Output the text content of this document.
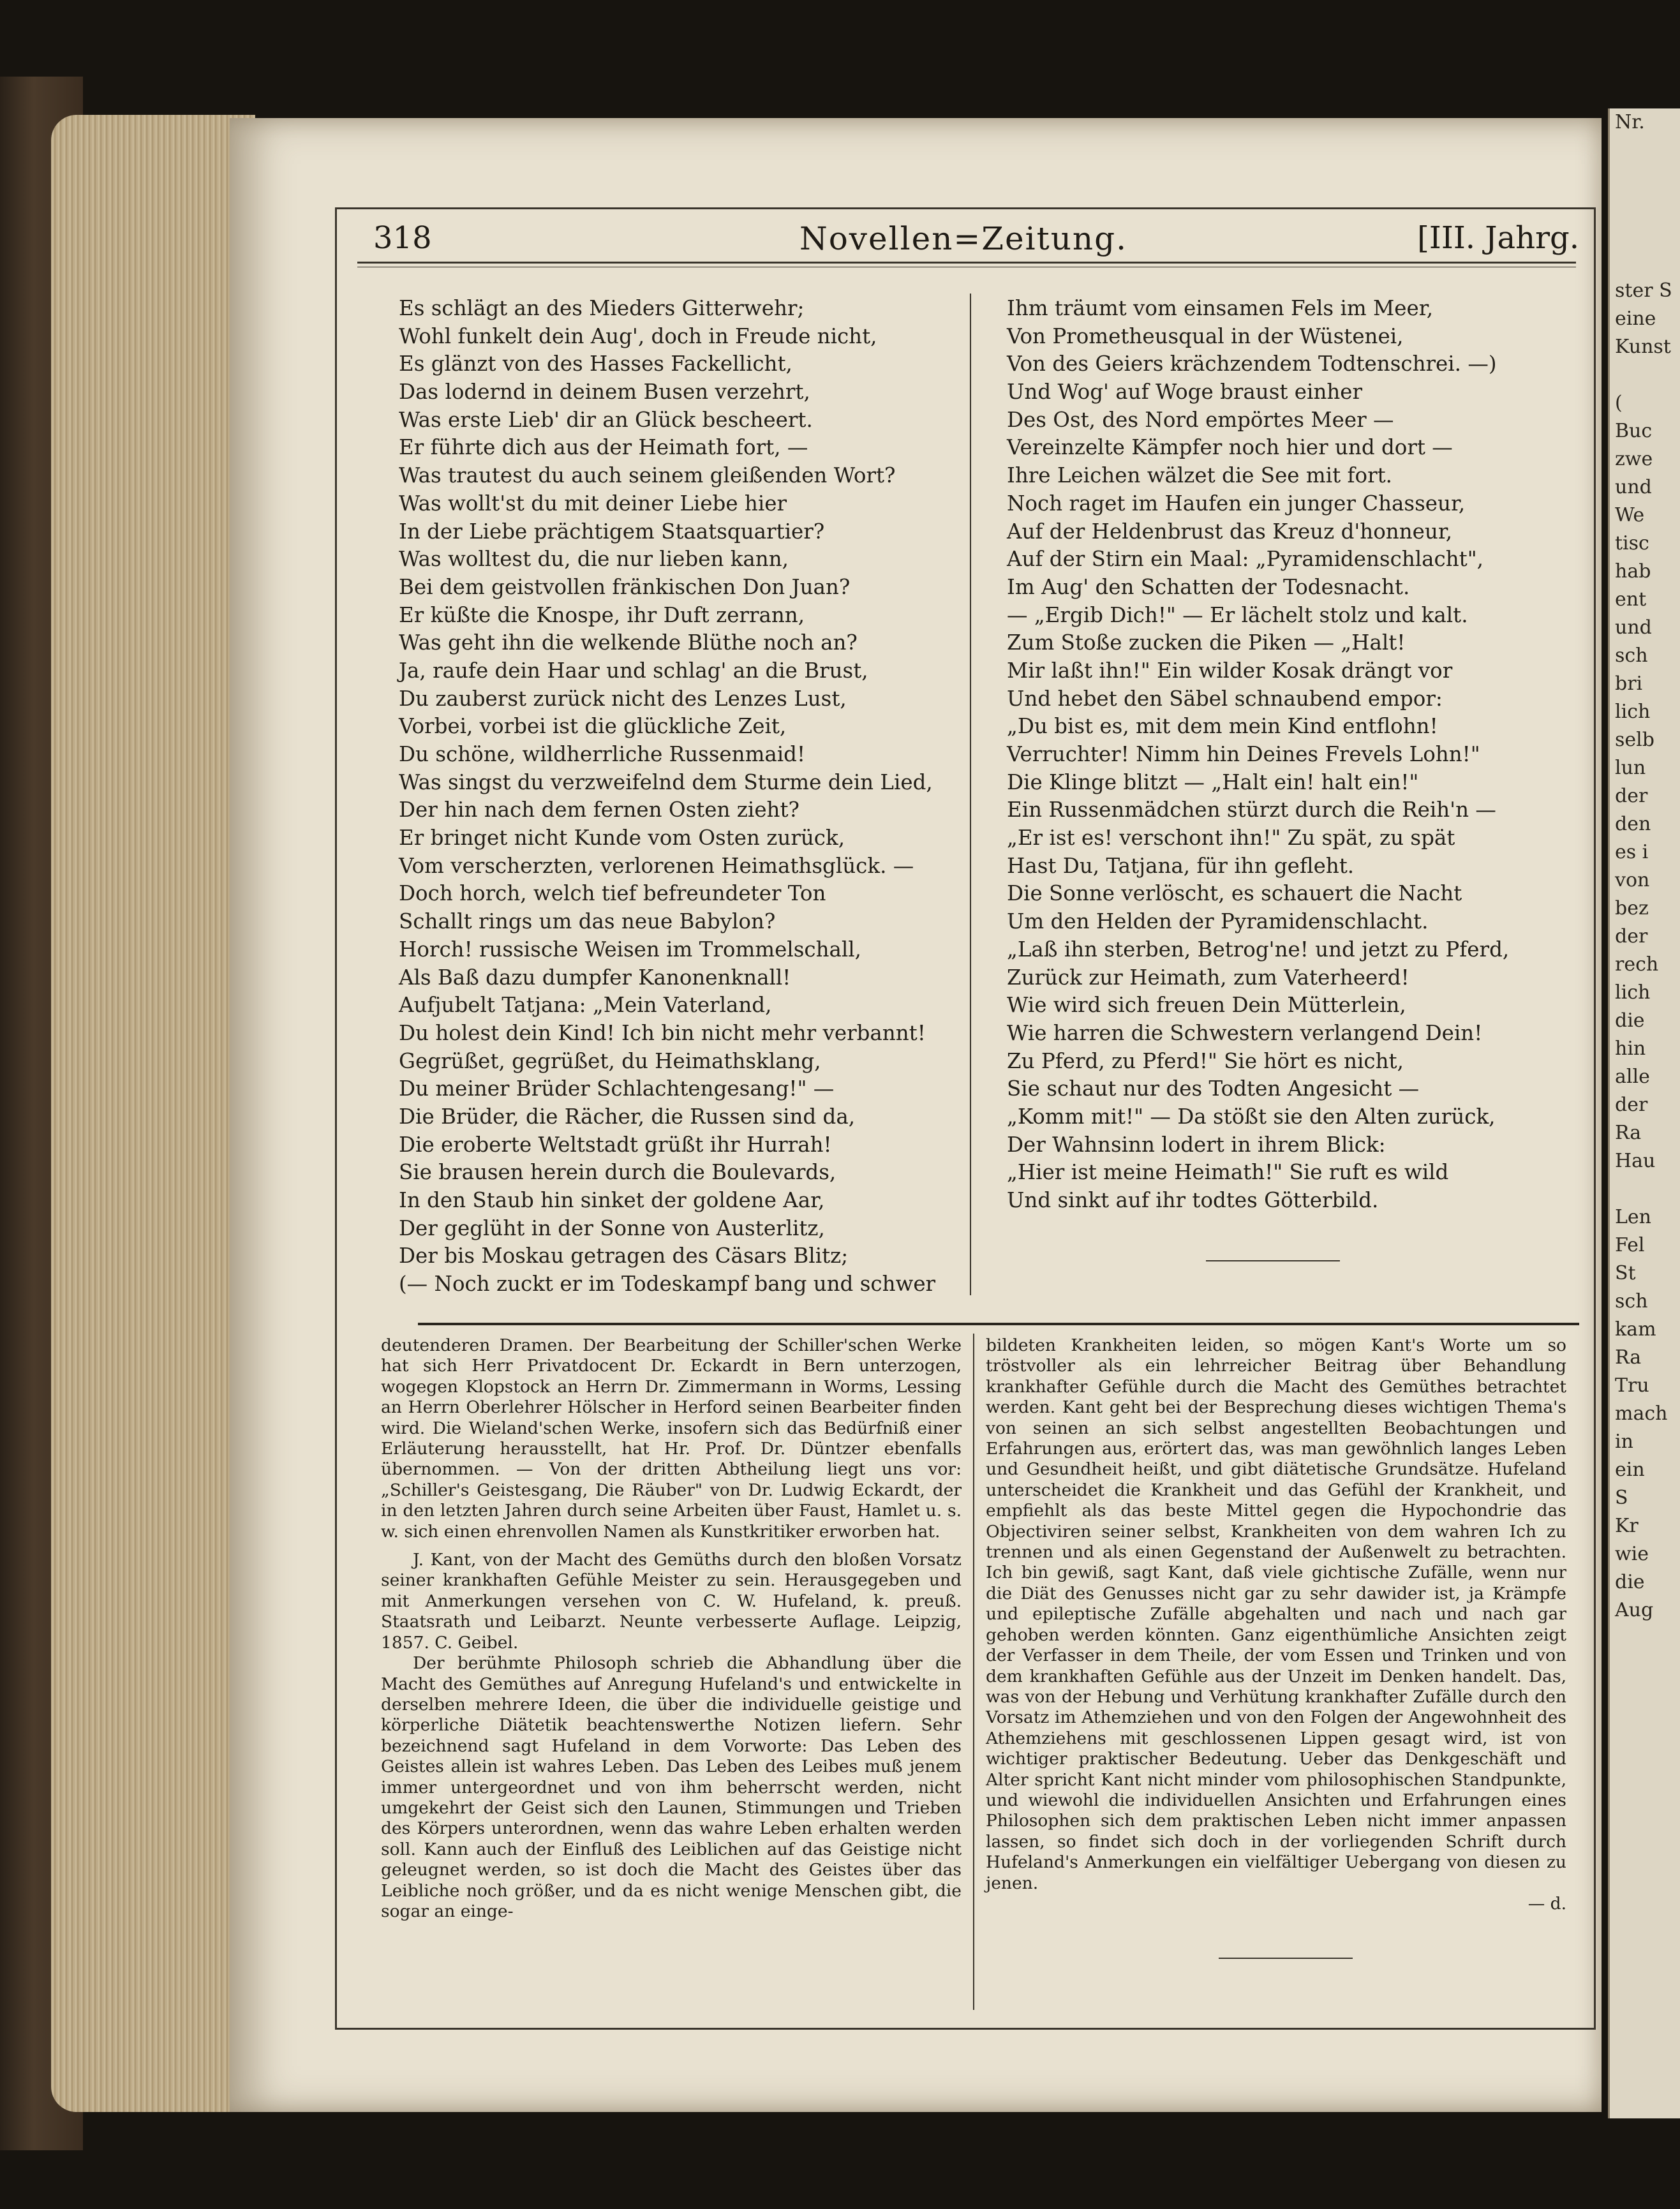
Nr.

ster S
eine
Kunst

(
Buc
zwe
und
We
tisc
hab
ent
und
sch
bri
lich
selb
lun
der
den
es i
von
bez
der
rech
lich
die
hin
alle
der
Ra
Hau

Len
Fel
St
sch
kam
Ra
Tru
mach
in
ein
S
Kr
wie
die
Aug
318	Novellen=Zeitung.	[III. Jahrg.
Es schlägt an des Mieders Gitterwehr;
Wohl funkelt dein Aug', doch in Freude nicht,
Es glänzt von des Hasses Fackellicht,
Das lodernd in deinem Busen verzehrt,
Was erste Lieb' dir an Glück bescheert.
Er führte dich aus der Heimath fort, —
Was trautest du auch seinem gleißenden Wort?
Was wollt'st du mit deiner Liebe hier
In der Liebe prächtigem Staatsquartier?
Was wolltest du, die nur lieben kann,
Bei dem geistvollen fränkischen Don Juan?
Er küßte die Knospe, ihr Duft zerrann,
Was geht ihn die welkende Blüthe noch an?
Ja, raufe dein Haar und schlag' an die Brust,
Du zauberst zurück nicht des Lenzes Lust,
Vorbei, vorbei ist die glückliche Zeit,
Du schöne, wildherrliche Russenmaid!
Was singst du verzweifelnd dem Sturme dein Lied,
Der hin nach dem fernen Osten zieht?
Er bringet nicht Kunde vom Osten zurück,
Vom verscherzten, verlorenen Heimathsglück. —
Doch horch, welch tief befreundeter Ton
Schallt rings um das neue Babylon?
Horch! russische Weisen im Trommelschall,
Als Baß dazu dumpfer Kanonenknall!
Aufjubelt Tatjana: „Mein Vaterland,
Du holest dein Kind! Ich bin nicht mehr verbannt!
Gegrüßet, gegrüßet, du Heimathsklang,
Du meiner Brüder Schlachtengesang!" —
Die Brüder, die Rächer, die Russen sind da,
Die eroberte Weltstadt grüßt ihr Hurrah!
Sie brausen herein durch die Boulevards,
In den Staub hin sinket der goldene Aar,
Der geglüht in der Sonne von Austerlitz,
Der bis Moskau getragen des Cäsars Blitz;
(— Noch zuckt er im Todeskampf bang und schwer
Ihm träumt vom einsamen Fels im Meer,
Von Prometheusqual in der Wüstenei,
Von des Geiers krächzendem Todtenschrei. —)
Und Wog' auf Woge braust einher
Des Ost, des Nord empörtes Meer —
Vereinzelte Kämpfer noch hier und dort —
Ihre Leichen wälzet die See mit fort.
Noch raget im Haufen ein junger Chasseur,
Auf der Heldenbrust das Kreuz d'honneur,
Auf der Stirn ein Maal: „Pyramidenschlacht",
Im Aug' den Schatten der Todesnacht.
— „Ergib Dich!" — Er lächelt stolz und kalt.
Zum Stoße zucken die Piken — „Halt!
Mir laßt ihn!" Ein wilder Kosak drängt vor
Und hebet den Säbel schnaubend empor:
„Du bist es, mit dem mein Kind entflohn!
Verruchter! Nimm hin Deines Frevels Lohn!"
Die Klinge blitzt — „Halt ein! halt ein!"
Ein Russenmädchen stürzt durch die Reih'n —
„Er ist es! verschont ihn!" Zu spät, zu spät
Hast Du, Tatjana, für ihn gefleht.
Die Sonne verlöscht, es schauert die Nacht
Um den Helden der Pyramidenschlacht.
„Laß ihn sterben, Betrog'ne! und jetzt zu Pferd,
Zurück zur Heimath, zum Vaterheerd!
Wie wird sich freuen Dein Mütterlein,
Wie harren die Schwestern verlangend Dein!
Zu Pferd, zu Pferd!" Sie hört es nicht,
Sie schaut nur des Todten Angesicht —
„Komm mit!" — Da stößt sie den Alten zurück,
Der Wahnsinn lodert in ihrem Blick:
„Hier ist meine Heimath!" Sie ruft es wild
Und sinkt auf ihr todtes Götterbild.

deutenderen Dramen. Der Bearbeitung der Schiller'schen Werke hat sich Herr Privatdocent Dr. Eckardt in Bern unterzogen, wogegen Klopstock an Herrn Dr. Zimmermann in Worms, Lessing an Herrn Oberlehrer Hölscher in Herford seinen Bearbeiter finden wird. Die Wieland'schen Werke, insofern sich das Bedürfniß einer Erläuterung herausstellt, hat Hr. Prof. Dr. Düntzer ebenfalls übernommen. — Von der dritten Abtheilung liegt uns vor: „Schiller's Geistesgang, Die Räuber" von Dr. Ludwig Eckardt, der in den letzten Jahren durch seine Arbeiten über Faust, Hamlet u. s. w. sich einen ehrenvollen Namen als Kunstkritiker erworben hat.

J. Kant, von der Macht des Gemüths durch den bloßen Vorsatz seiner krankhaften Gefühle Meister zu sein. Herausgegeben und mit Anmerkungen versehen von C. W. Hufeland, k. preuß. Staatsrath und Leibarzt. Neunte verbesserte Auflage. Leipzig, 1857. C. Geibel.

Der berühmte Philosoph schrieb die Abhandlung über die Macht des Gemüthes auf Anregung Hufeland's und entwickelte in derselben mehrere Ideen, die über die individuelle geistige und körperliche Diätetik beachtenswerthe Notizen liefern. Sehr bezeichnend sagt Hufeland in dem Vorworte: Das Leben des Geistes allein ist wahres Leben. Das Leben des Leibes muß jenem immer untergeordnet und von ihm beherrscht werden, nicht umgekehrt der Geist sich den Launen, Stimmungen und Trieben des Körpers unterordnen, wenn das wahre Leben erhalten werden soll. Kann auch der Einfluß des Leiblichen auf das Geistige nicht geleugnet werden, so ist doch die Macht des Geistes über das Leibliche noch größer, und da es nicht wenige Menschen gibt, die sogar an einge-

bildeten Krankheiten leiden, so mögen Kant's Worte um so tröstvoller als ein lehrreicher Beitrag über Behandlung krankhafter Gefühle durch die Macht des Gemüthes betrachtet werden. Kant geht bei der Besprechung dieses wichtigen Thema's von seinen an sich selbst angestellten Beobachtungen und Erfahrungen aus, erörtert das, was man gewöhnlich langes Leben und Gesundheit heißt, und gibt diätetische Grundsätze. Hufeland unterscheidet die Krankheit und das Gefühl der Krankheit, und empfiehlt als das beste Mittel gegen die Hypochondrie das Objectiviren seiner selbst, Krankheiten von dem wahren Ich zu trennen und als einen Gegenstand der Außenwelt zu betrachten. Ich bin gewiß, sagt Kant, daß viele gichtische Zufälle, wenn nur die Diät des Genusses nicht gar zu sehr dawider ist, ja Krämpfe und epileptische Zufälle abgehalten und nach und nach gar gehoben werden könnten. Ganz eigenthümliche Ansichten zeigt der Verfasser in dem Theile, der vom Essen und Trinken und von dem krankhaften Gefühle aus der Unzeit im Denken handelt. Das, was von der Hebung und Verhütung krankhafter Zufälle durch den Vorsatz im Athemziehen und von den Folgen der Angewohnheit des Athemziehens mit geschlossenen Lippen gesagt wird, ist von wichtiger praktischer Bedeutung. Ueber das Denkgeschäft und Alter spricht Kant nicht minder vom philosophischen Standpunkte, und wiewohl die individuellen Ansichten und Erfahrungen eines Philosophen sich dem praktischen Leben nicht immer anpassen lassen, so findet sich doch in der vorliegenden Schrift durch Hufeland's Anmerkungen ein vielfältiger Uebergang von diesen zu jenen.

— d.
